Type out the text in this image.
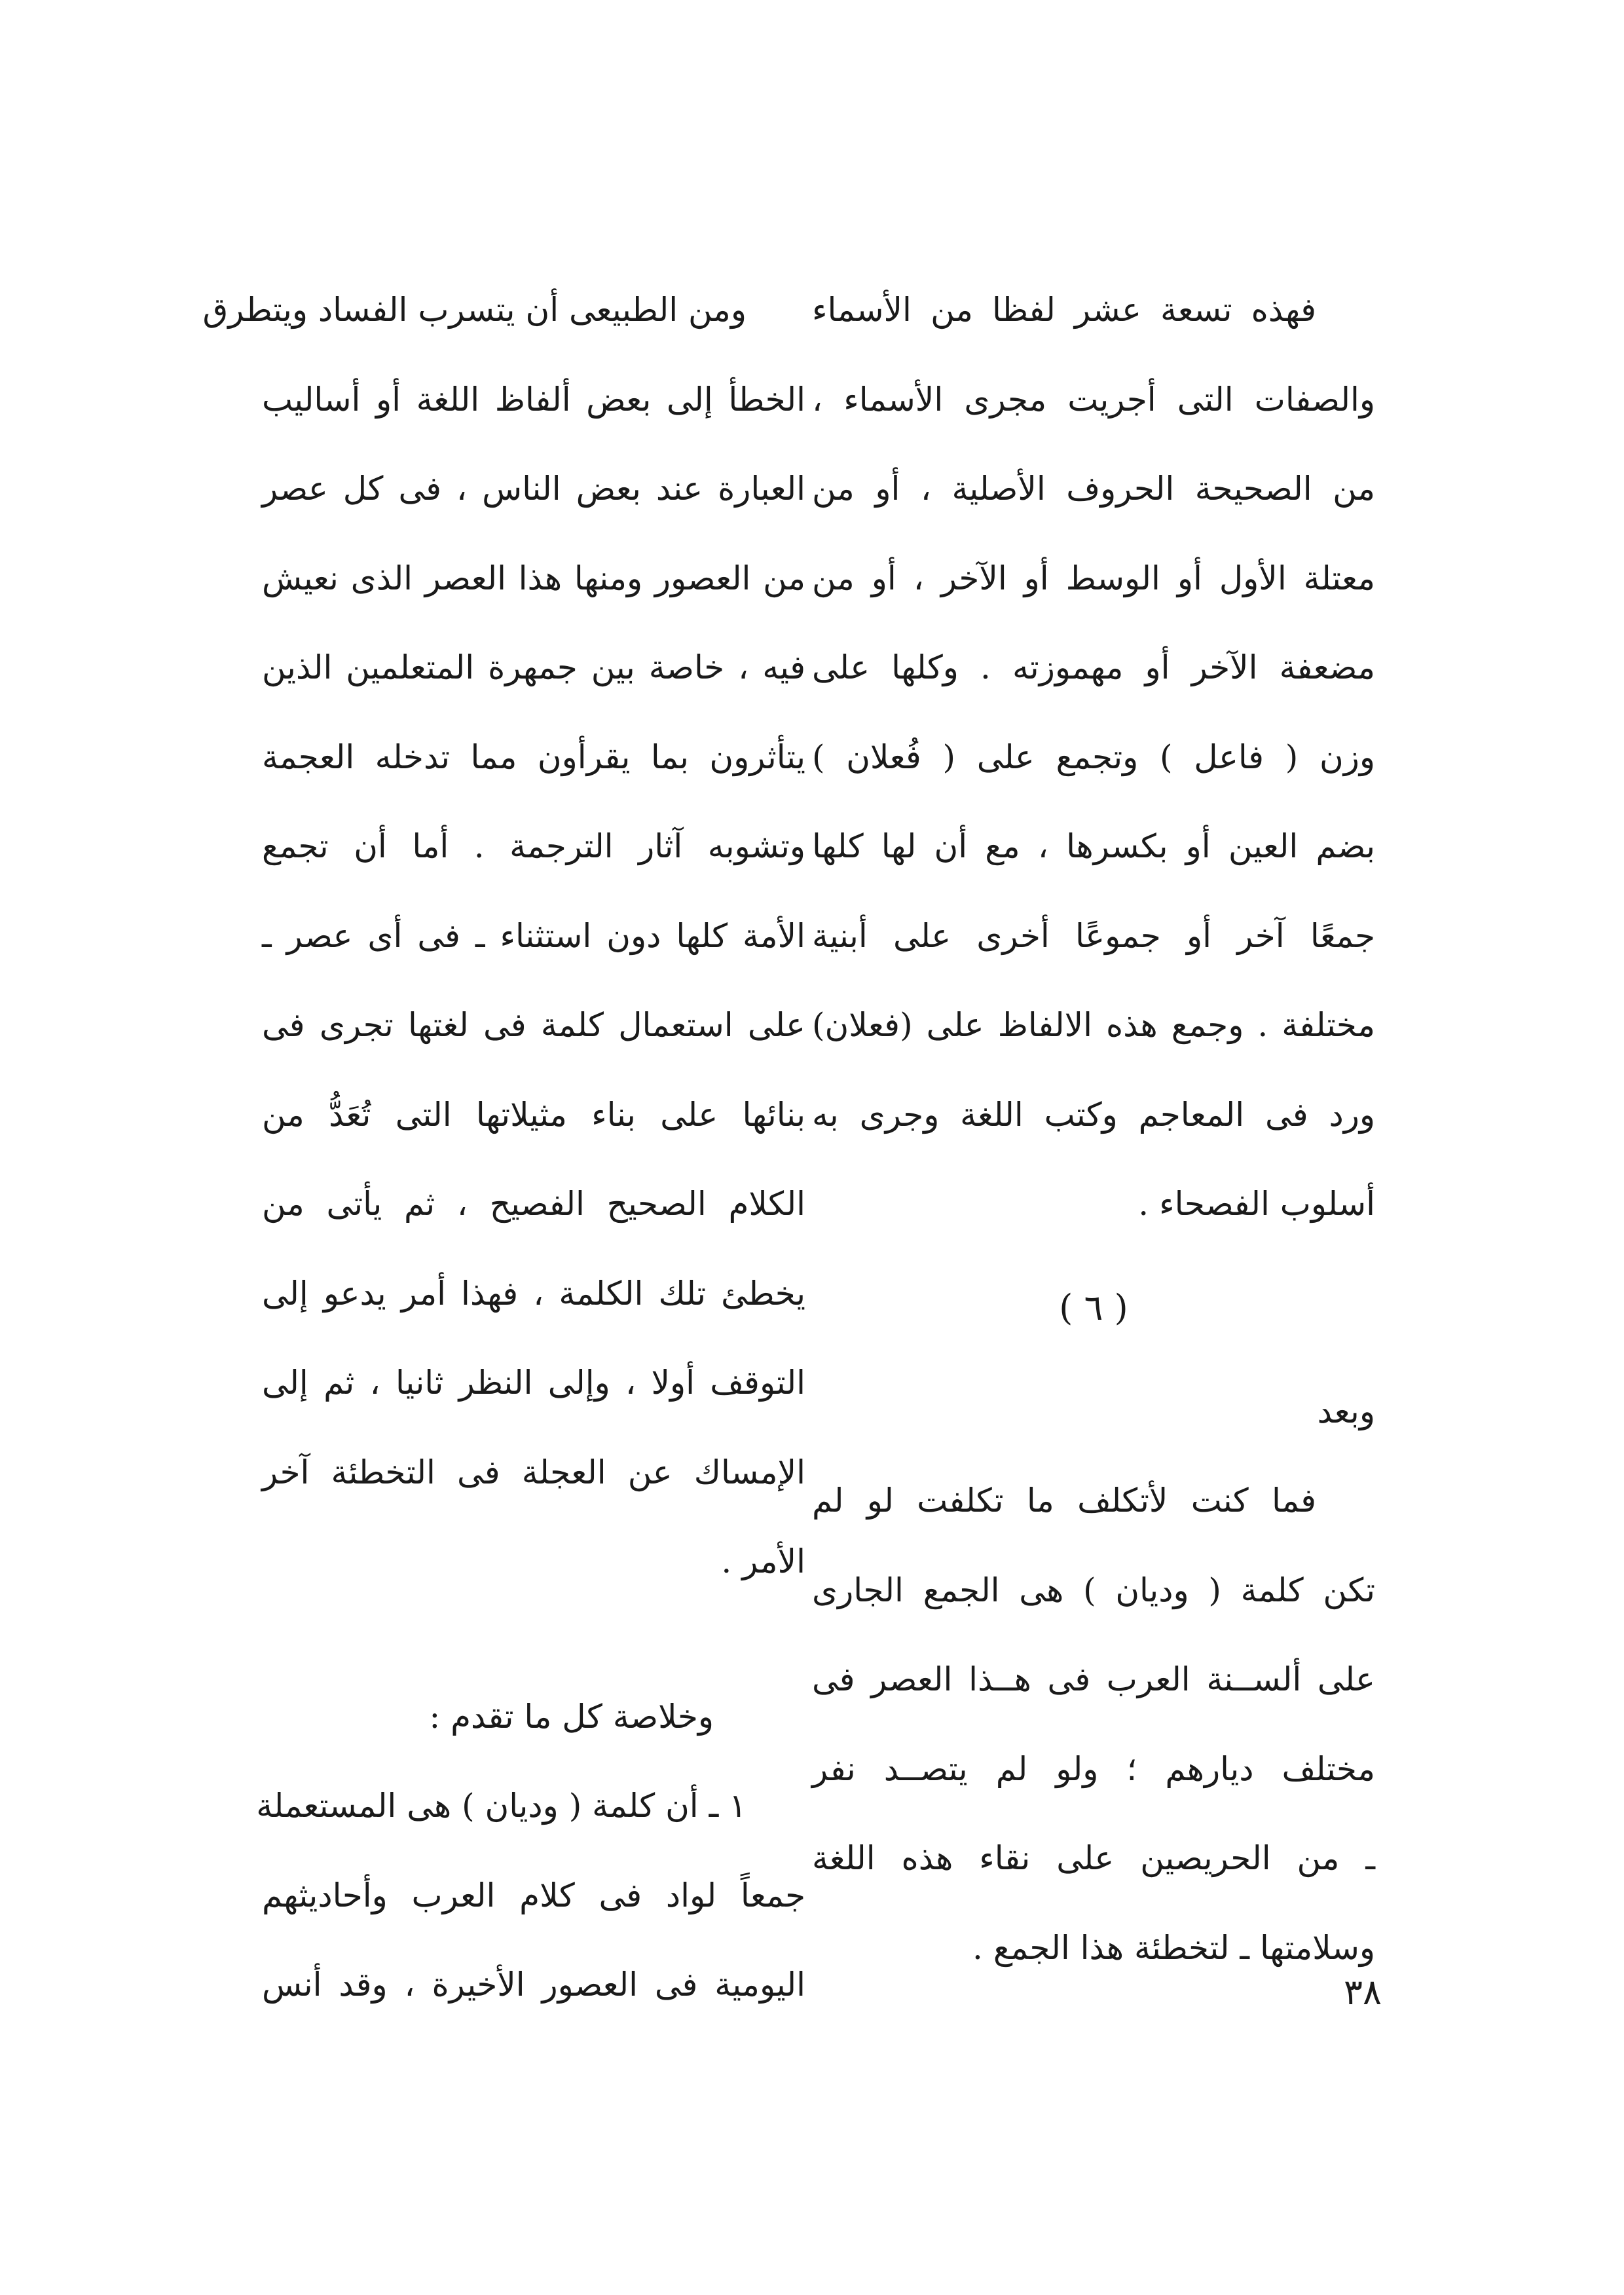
فهذه تسعة عشر لفظا من الأسماء
والصفات التى أجريت مجرى الأسماء ،
من الصحيحة الحروف الأصلية ، أو من
معتلة الأول أو الوسط أو الآخر ، أو من
مضعفة الآخر أو مهموزته . وكلها على
وزن ( فاعل ) وتجمع على ( فُعلان )
بضم العين أو بكسرها ، مع أن لها كلها
جمعًا آخر أو جموعًا أخرى على أبنية
مختلفة . وجمع هذه الالفاظ على (فعلان)
ورد فى المعاجم وكتب اللغة وجرى به
أسلوب الفصحاء .
( ٦ )
وبعد
فما كنت لأتكلف ما تكلفت لو لم
تكن كلمة ( وديان ) هى الجمع الجارى
على ألســنة العرب فى هــذا العصر فى
مختلف ديارهم ؛ ولو لم يتصــد نفر
ـ من الحريصين على نقاء هذه اللغة
وسلامتها ـ لتخطئة هذا الجمع .
ومن الطبيعى أن يتسرب الفساد ويتطرق
الخطأ إلى بعض ألفاظ اللغة أو أساليب
العبارة عند بعض الناس ، فى كل عصر
من العصور ومنها هذا العصر الذى نعيش
فيه ، خاصة بين جمهرة المتعلمين الذين
يتأثرون بما يقرأون مما تدخله العجمة
وتشوبه آثار الترجمة . أما أن تجمع
الأمة كلها دون استثناء ـ فى أى عصر ـ
على استعمال كلمة فى لغتها تجرى فى
بنائها على بناء مثيلاتها التى تُعَدُّ من
الكلام الصحيح الفصيح ، ثم يأتى من
يخطئ تلك الكلمة ، فهذا أمر يدعو إلى
التوقف أولا ، وإلى النظر ثانيا ، ثم إلى
الإمساك عن العجلة فى التخطئة آخر
الأمر .
وخلاصة كل ما تقدم :
١ ـ أن كلمة ( وديان ) هى المستعملة
جمعاً لواد فى كلام العرب وأحاديثهم
اليومية فى العصور الأخيرة ، وقد أنس	٣٨
